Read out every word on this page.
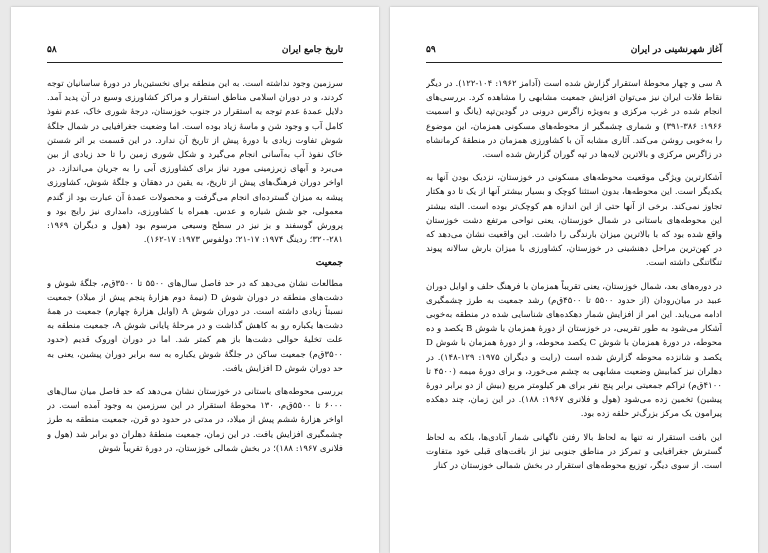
تاریخ جامع ایران
۵۸

سرزمین وجود نداشته است. به این منطقه برای نخستین‌بار در دورهٔ ساسانیان توجه کردند، و در دوران اسلامی مناطق استقرار و مراکز کشاورزی وسیع در آن پدید آمد. دلایل عمدهٔ عدم توجه به استقرار در جنوب خوزستان، درجهٔ شوری خاک، عدم نفوذ کامل آب و وجود شن و ماسهٔ زیاد بوده است. اما وضعیت جغرافیایی در شمال جلگهٔ شوش تفاوت زیادی با دورهٔ پیش از تاریخ آن ندارد. در این قسمت بر اثر شستن خاک نفوذ آب به‌آسانی انجام می‌گیرد و شکل شوری زمین را تا حد زیادی از بین می‌برد و آبهای زیرزمینی مورد نیاز برای کشاورزی آبی را به جریان می‌اندازد. در اواخر دوران فرهنگ‌های پیش از تاریخ، به یقین در دهقان و جلگهٔ شوش، کشاورزی پیشه به میزان گسترده‌ای انجام می‌گرفت و محصولات عمدهٔ آن عبارت بود از گندم معمولی، جو شش شیاره و عدس. همراه با کشاورزی، دامداری نیز رایج بود و پرورش گوسفند و بز نیز در سطح وسیعی مرسوم بود (هول و دیگران ۱۹۶۹: ۲۸۱-۳۲۰؛ ردینگ ۱۹۷۴: ۱۷-۲۱؛ دولفوس ۱۹۷۳: ۱۷-۱۶۲).

جمعیت

مطالعات نشان می‌دهد که در حد فاصل سال‌های ۵۵۰۰ تا ۳۵۰۰ق‌م، جلگهٔ شوش و دشت‌های منطقه در دوران شوش D (نیمهٔ دوم هزارهٔ پنجم پیش از میلاد) جمعیت نسبتاً زیادی داشته است. در دوران شوش A (اوایل هزارهٔ چهارم) جمعیت در همهٔ دشت‌ها یکباره رو به کاهش گذاشت و در مرحلهٔ پایانی شوش A، جمعیت منطقه به علت تخلیهٔ حوالی دشت‌ها باز هم کمتر شد. اما در دوران اوروک قدیم (حدود ۳۵۰۰ق‌م) جمعیت ساکن در جلگهٔ شوش یکباره به سه برابر دوران پیشین، یعنی به حد دوران شوش D افزایش یافت.

بررسی محوطه‌های باستانی در خوزستان نشان می‌دهد که حد فاصل میان سال‌های ۶۰۰۰ تا ۵۵۰۰ق‌م، ۱۳۰ محوطهٔ استقرار در این سرزمین به وجود آمده است. در اواخر هزارهٔ ششم پیش از میلاد، در مدتی در حدود دو قرن، جمعیت منطقه به طرز چشمگیری افزایش یافت. در این زمان، جمعیت منطقهٔ دهلران دو برابر شد (هول و فلانری ۱۹۶۷: ۱۸۸)؛ در بخش شمالی خوزستان، در دورهٔ تقریباً شوش

آغاز شهرنشینی در ایران
۵۹

A سی و چهار محوطهٔ استقرار گزارش شده است (آدامز ۱۹۶۲: ۱۰۴-۱۲۲). در دیگر نقاط فلات ایران نیز می‌توان افزایش جمعیت مشابهی را مشاهده کرد. بررسی‌های انجام شده در غرب مرکزی و به‌ویژه زاگرس درونی در گودین‌تپه (یانگ و اسمیت ۱۹۶۶: ۳۸۶-۳۹۱) و شماری چشمگیر از محوطه‌های مسکونی همزمان، این موضوع را به‌خوبی روشن می‌کند. آثاری مشابه آن با کشاورزی همزمان در منطقهٔ کرمانشاه در زاگرس مرکزی و بالاترین لایه‌ها در تپه گوران گزارش شده است.

آشکارترین ویژگی موقعیت محوطه‌های مسکونی در خوزستان، نزدیک بودن آنها به یکدیگر است. این محوطه‌ها، بدون استثنا کوچک و بسیار بیشتر آنها از یک تا دو هکتار تجاوز نمی‌کند. برخی از آنها حتی از این اندازه هم کوچک‌تر بوده است. البته بیشتر این محوطه‌های باستانی در شمال خوزستان، یعنی نواحی مرتفع دشت خوزستان واقع شده بود که با بالاترین میزان بارندگی را داشت. این واقعیت نشان می‌دهد که در کهن‌ترین مراحل دهنشینی در خوزستان، کشاورزی با میزان بارش سالانه پیوند تنگاتنگی داشته است.

در دوره‌های بعد، شمال خوزستان، یعنی تقریباً همزمان با فرهنگ حلف و اوایل دوران عبید در میان‌رودان (از حدود ۵۵۰۰ تا ۴۵۰۰ق‌م) رشد جمعیت به طرز چشمگیری ادامه می‌یابد. این امر از افزایش شمار دهکده‌های شناسایی شده در منطقه به‌خوبی آشکار می‌شود به طور تقریبی، در خوزستان از دورهٔ همزمان با شوش B یکصد و ده محوطه، در دورهٔ همزمان با شوش C یکصد محوطه، و از دورهٔ همزمان با شوش D یکصد و شانزده محوطه گزارش شده است (رایت و دیگران ۱۹۷۵: ۱۲۹-۱۴۸). در دهلران نیز کمابیش وضعیت مشابهی به چشم می‌خورد، و برای دورهٔ میمه (۴۵۰۰ تا ۴۱۰۰ق‌م) تراکم جمعیتی برابر پنج نفر برای هر کیلومتر مربع (بیش از دو برابر دورهٔ پیشین) تخمین زده می‌شود (هول و فلانری ۱۹۶۷: ۱۸۸). در این زمان، چند دهکده پیرامون یک مرکز بزرگ‌تر حلقه زده بود.

این بافت استقرار نه تنها به لحاظ بالا رفتن ناگهانی شمار آبادی‌ها، بلکه به لحاظ گسترش جغرافیایی و تمرکز در مناطق جنوبی نیز از بافت‌های قبلی خود متفاوت است. از سوی دیگر، توزیع محوطه‌های استقرار در بخش شمالی خوزستان در کنار
